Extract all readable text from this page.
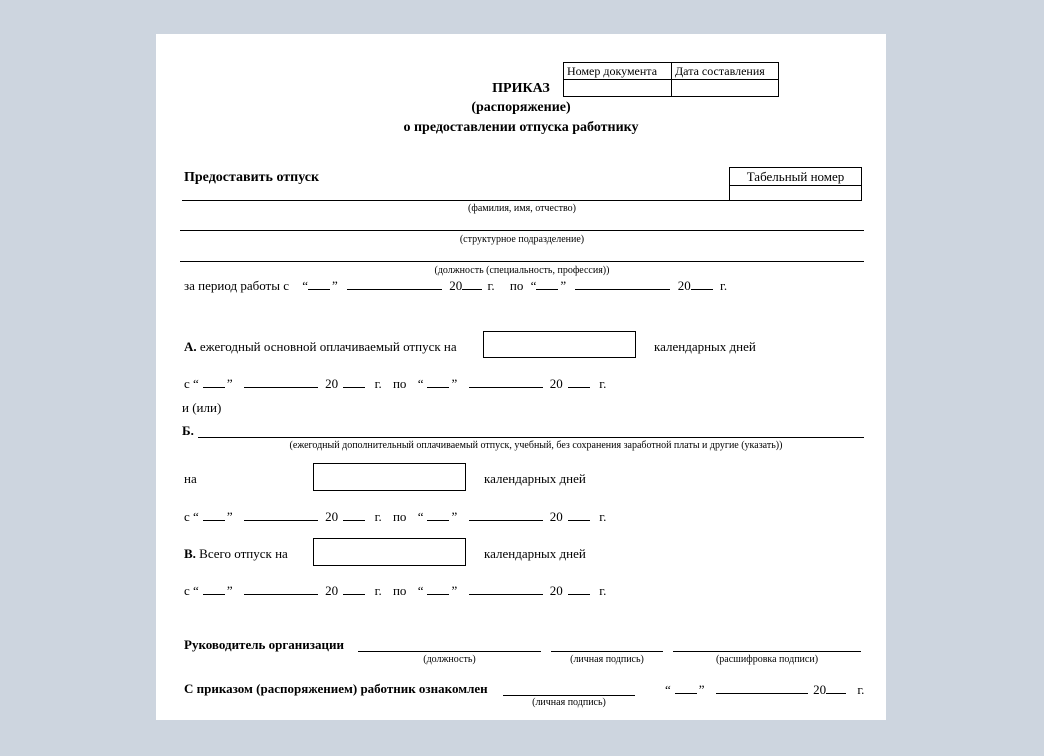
Номер документа	Дата составления

ПРИКАЗ
(распоряжение)
о предоставлении отпуска работнику
Предоставить отпуск	Табельный номер
(фамилия, имя, отчество)
(структурное подразделение)
(должность (специальность, профессия))
за период работы с “ ”	20 г. по “ ”	20 г.
А. ежегодный основной оплачиваемый отпуск на	календарных дней
с “ ”	20	г. по “ ”	20	г.
и (или)
Б.
(ежегодный дополнительный оплачиваемый отпуск, учебный, без сохранения заработной платы и другие (указать))
на	календарных дней
с “ ”	20	г. по “ ”	20	г.
В. Всего отпуск на	календарных дней
с “ ”	20	г. по “ ”	20	г.
Руководитель организации
(должность)	(личная подпись)	(расшифровка подписи)
С приказом (распоряжением) работник ознакомлен
(личная подпись)
“ ”	20 г.
